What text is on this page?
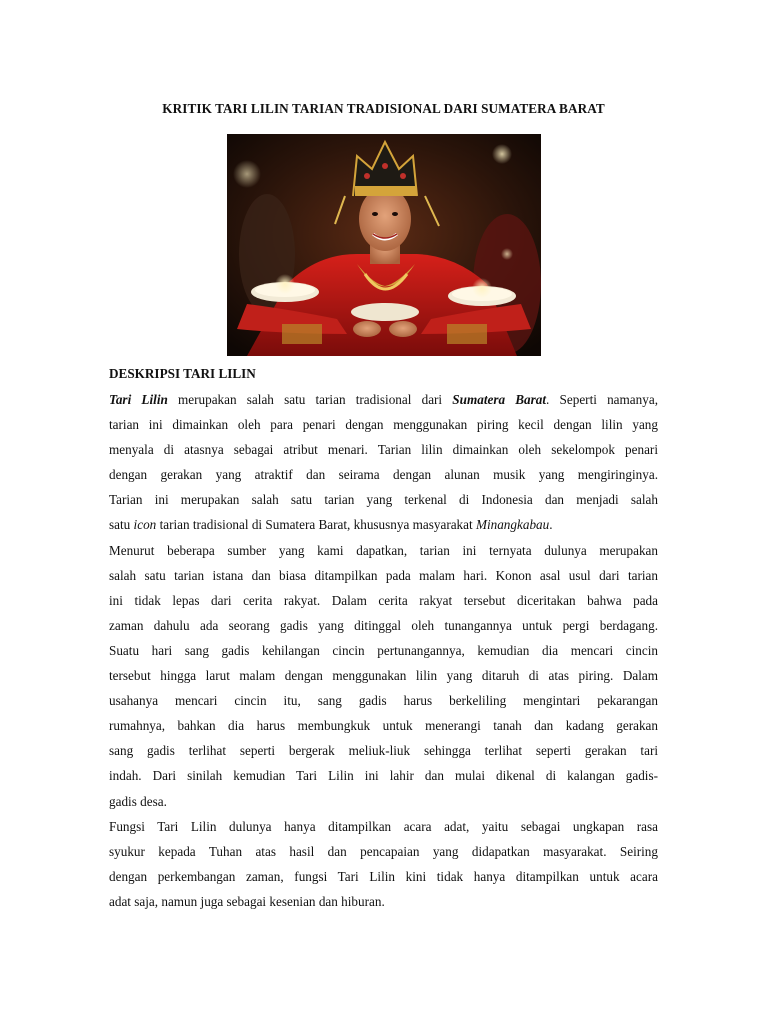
KRITIK TARI LILIN TARIAN TRADISIONAL DARI SUMATERA BARAT
DESKRIPSI TARI LILIN

Tari Lilin merupakan salah satu tarian tradisional dari Sumatera Barat. Seperti namanya,
tarian ini dimainkan oleh para penari dengan menggunakan piring kecil dengan lilin yang
menyala di atasnya sebagai atribut menari. Tarian lilin dimainkan oleh sekelompok penari
dengan gerakan yang atraktif dan seirama dengan alunan musik yang mengiringinya.
Tarian ini merupakan salah satu tarian yang terkenal di Indonesia dan menjadi salah
satu icon tarian tradisional di Sumatera Barat, khususnya masyarakat Minangkabau.

Menurut beberapa sumber yang kami dapatkan, tarian ini ternyata dulunya merupakan
salah satu tarian istana dan biasa ditampilkan pada malam hari. Konon asal usul dari tarian
ini tidak lepas dari cerita rakyat. Dalam cerita rakyat tersebut diceritakan bahwa pada
zaman dahulu ada seorang gadis yang ditinggal oleh tunangannya untuk pergi berdagang.
Suatu hari sang gadis kehilangan cincin pertunangannya, kemudian dia mencari cincin
tersebut hingga larut malam dengan menggunakan lilin yang ditaruh di atas piring. Dalam
usahanya mencari cincin itu, sang gadis harus berkeliling mengintari pekarangan
rumahnya, bahkan dia harus membungkuk untuk menerangi tanah dan kadang gerakan
sang gadis terlihat seperti bergerak meliuk-liuk sehingga terlihat seperti gerakan tari
indah. Dari sinilah kemudian Tari Lilin ini lahir dan mulai dikenal di kalangan gadis-
gadis desa.

Fungsi Tari Lilin dulunya hanya ditampilkan acara adat, yaitu sebagai ungkapan rasa
syukur kepada Tuhan atas hasil dan pencapaian yang didapatkan masyarakat. Seiring
dengan perkembangan zaman, fungsi Tari Lilin kini tidak hanya ditampilkan untuk acara
adat saja, namun juga sebagai kesenian dan hiburan.
